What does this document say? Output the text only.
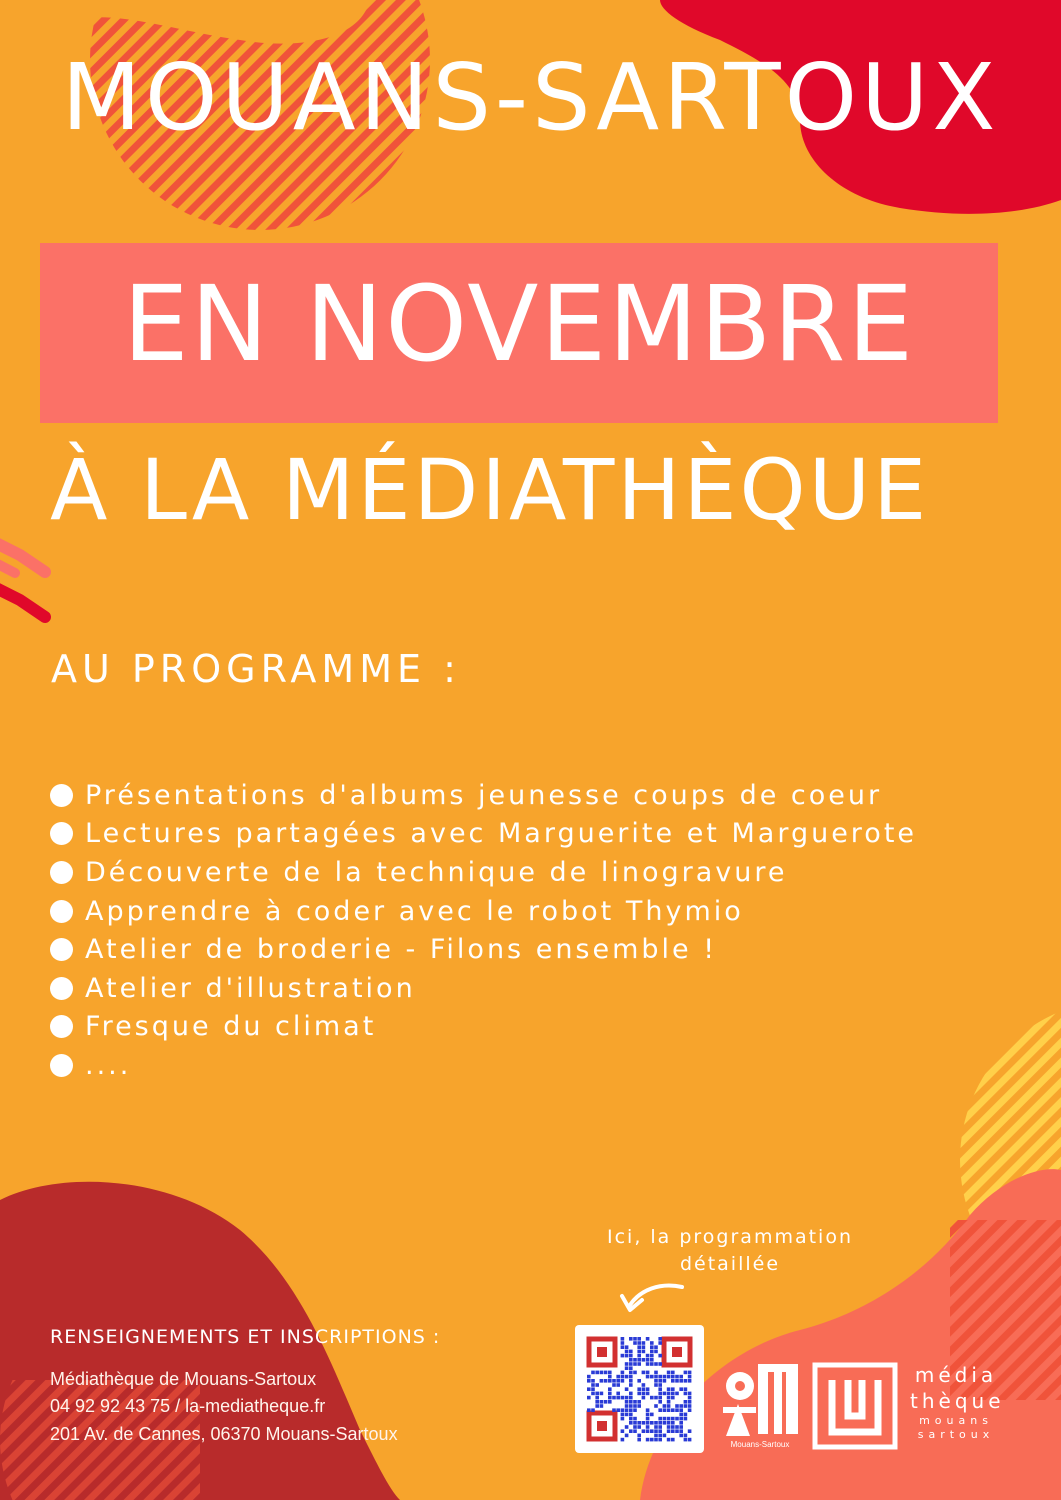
MOUANS-SARTOUX
EN NOVEMBRE
À LA MÉDIATHÈQUE
AU PROGRAMME :
Présentations d'albums jeunesse coups de coeur
Lectures partagées avec Marguerite et Marguerote
Découverte de la technique de linogravure
Apprendre à coder avec le robot Thymio
Atelier de broderie - Filons ensemble !
Atelier d'illustration
Fresque du climat
....
RENSEIGNEMENTS ET INSCRIPTIONS :
Médiathèque de Mouans-Sartoux
04 92 92 43 75 / la-mediatheque.fr
201 Av. de Cannes, 06370 Mouans-Sartoux
Ici, la programmation
détaillée
Mouans-Sartoux
média
thèque
mouans
sartoux
